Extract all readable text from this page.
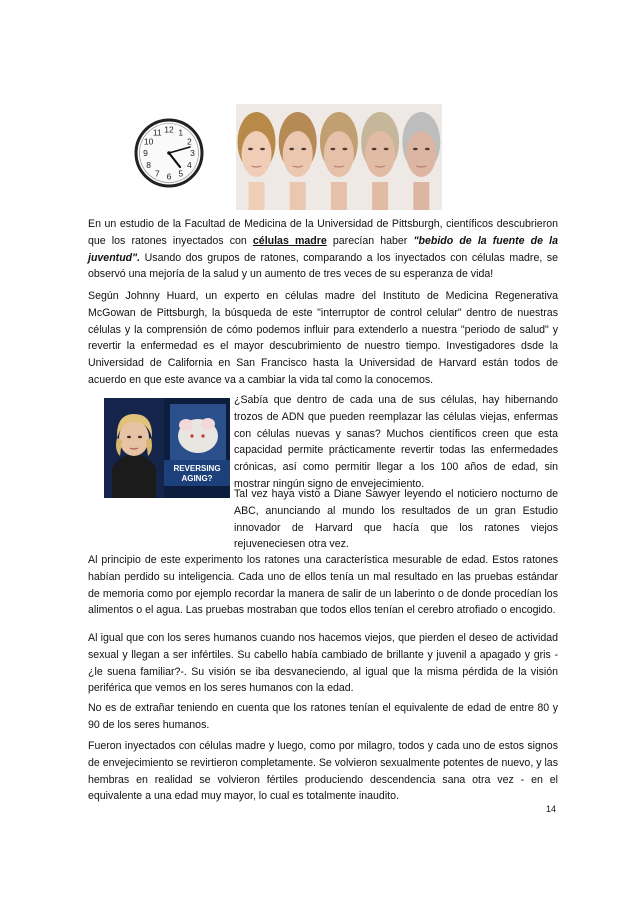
12 1
2
3
4
5
6
7
8
9
10
11

En un estudio de la Facultad de Medicina de la Universidad de Pittsburgh, científicos descubrieron que los ratones inyectados con células madre parecían haber "bebido de la fuente de la juventud". Usando dos grupos de ratones, comparando a los inyectados con células madre, se observó una mejoría de la salud y un aumento de tres veces de su esperanza de vida!

Según Johnny Huard, un experto en células madre del Instituto de Medicina Regenerativa McGowan de Pittsburgh, la búsqueda de este "interruptor de control celular" dentro de nuestras células y la comprensión de cómo podemos influir para extenderlo a nuestra "periodo de salud" y revertir la enfermedad es el mayor descubrimiento de nuestro tiempo. Investigadores dsde la Universidad de California en San Francisco hasta la Universidad de Harvard están todos de acuerdo en que este avance va a cambiar la vida tal como la conocemos.

REVERSING
AGING?

¿Sabía que dentro de cada una de sus células, hay hibernando trozos de ADN que pueden reemplazar las células viejas, enfermas con células nuevas y sanas? Muchos científicos creen que esta capacidad permite prácticamente revertir todas las enfermedades crónicas, así como permitir llegar a los 100 años de edad, sin mostrar ningún signo de envejecimiento.

Tal vez haya visto a Diane Sawyer leyendo el noticiero nocturno de ABC, anunciando al mundo los resultados de un gran Estudio innovador de Harvard que hacía que los ratones viejos rejuveneciesen otra vez.

Al principio de este experimento los ratones una característica mesurable de edad. Estos ratones habían perdido su inteligencia. Cada uno de ellos tenía un mal resultado en las pruebas estándar de memoria como por ejemplo recordar la manera de salir de un laberinto o de donde procedían los alimentos o el agua. Las pruebas mostraban que todos ellos tenían el cerebro atrofiado o encogido.

Al igual que con los seres humanos cuando nos hacemos viejos, que pierden el deseo de actividad sexual y llegan a ser infértiles. Su cabello había cambiado de brillante y juvenil a apagado y gris -¿le suena familiar?-. Su visión se iba desvaneciendo, al igual que la misma pérdida de la visión periférica que vemos en los seres humanos con la edad.

No es de extrañar teniendo en cuenta que los ratones tenían el equivalente de edad de entre 80 y 90 de los seres humanos.

Fueron inyectados con células madre y luego, como por milagro, todos y cada uno de estos signos de envejecimiento se revirtieron completamente. Se volvieron sexualmente potentes de nuevo, y las hembras en realidad se volvieron fértiles produciendo descendencia sana otra vez - en el equivalente a una edad muy mayor, lo cual es totalmente inaudito.

14
